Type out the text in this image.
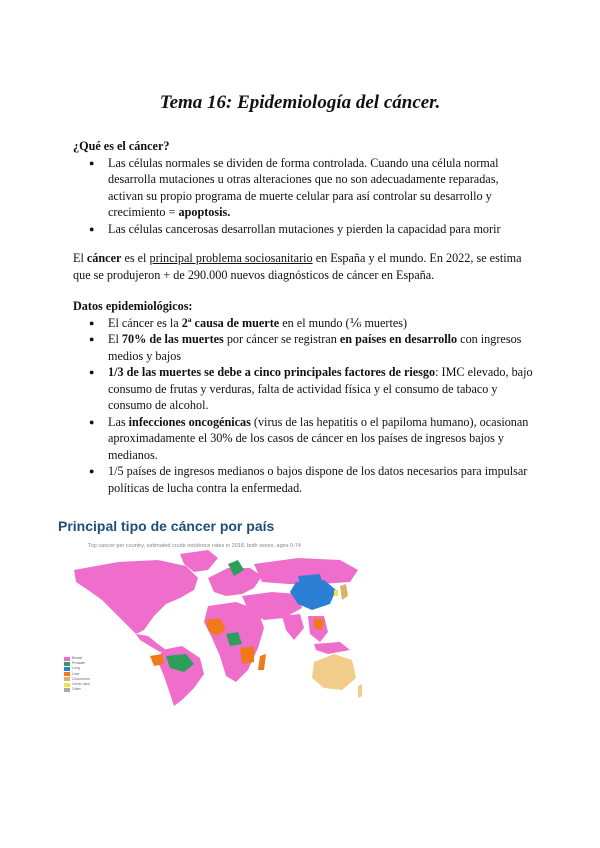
Tema 16: Epidemiología del cáncer.

¿Qué es el cáncer?

● Las células normales se dividen de forma controlada. Cuando una célula normal desarrolla mutaciones u otras alteraciones que no son adecuadamente reparadas, activan su propio programa de muerte celular para así controlar su desarrollo y crecimiento = apoptosis.
● Las células cancerosas desarrollan mutaciones y pierden la capacidad para morir

El cáncer es el principal problema sociosanitario en España y el mundo. En 2022, se estima que se produjeron + de 290.000 nuevos diagnósticos de cáncer en España.

Datos epidemiológicos:

● El cáncer es la 2ª causa de muerte en el mundo (⅙ muertes)
● El 70% de las muertes por cáncer se registran en países en desarrollo con ingresos medios y bajos
● 1/3 de las muertes se debe a cinco principales factores de riesgo: IMC elevado, bajo consumo de frutas y verduras, falta de actividad física y el consumo de tabaco y consumo de alcohol.
● Las infecciones oncogénicas (virus de las hepatitis o el papiloma humano), ocasionan aproximadamente el 30% de los casos de cáncer en los países de ingresos bajos y medianos.
● 1/5 países de ingresos medianos o bajos dispone de los datos necesarios para impulsar políticas de lucha contra la enfermedad.

Principal tipo de cáncer por país

Top cancer per country, estimated crude incidence rates in 2018, both sexes, ages 0-74
Breast
Prostate
Lung
Liver
Colorectum
Cervix uteri
Other
